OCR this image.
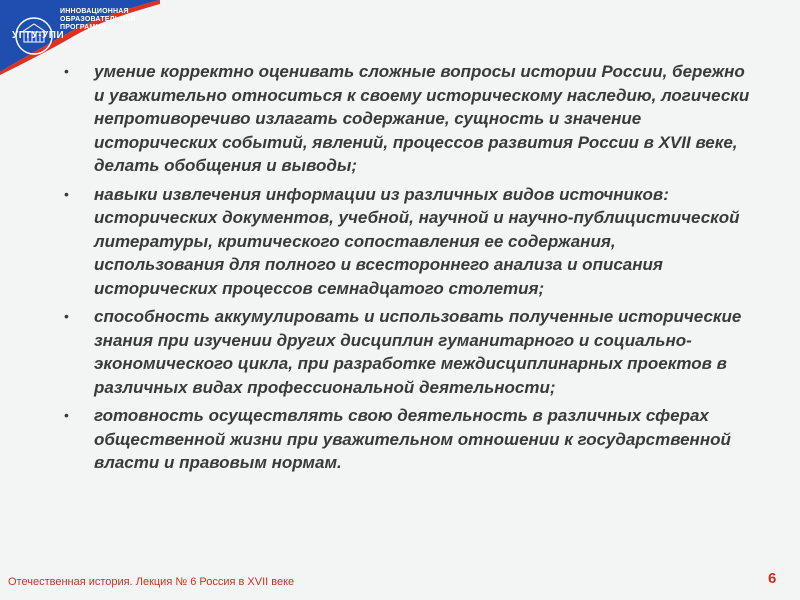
ИННОВАЦИОННАЯ
ОБРАЗОВАТЕЛЬНАЯ
ПРОГРАММА
УГТУ-УПИ
• умение корректно оценивать сложные вопросы истории России, бережно и уважительно относиться к своему историческому наследию, логически непротиворечиво излагать содержание, сущность и значение исторических событий, явлений, процессов развития России в XVII веке, делать обобщения и выводы;
• навыки извлечения информации из различных видов источников: исторических документов, учебной, научной и научно-публицистической литературы, критического сопоставления ее содержания, использования для полного и всестороннего анализа и описания исторических процессов семнадцатого столетия;
• способность аккумулировать и использовать полученные исторические знания при изучении других дисциплин гуманитарного и социально-экономического цикла, при разработке междисциплинарных проектов в различных видах профессиональной деятельности;
• готовность осуществлять свою деятельность в различных сферах общественной жизни при уважительном отношении к государственной власти и правовым нормам.
Отечественная история. Лекция № 6 Россия в XVII веке	6
